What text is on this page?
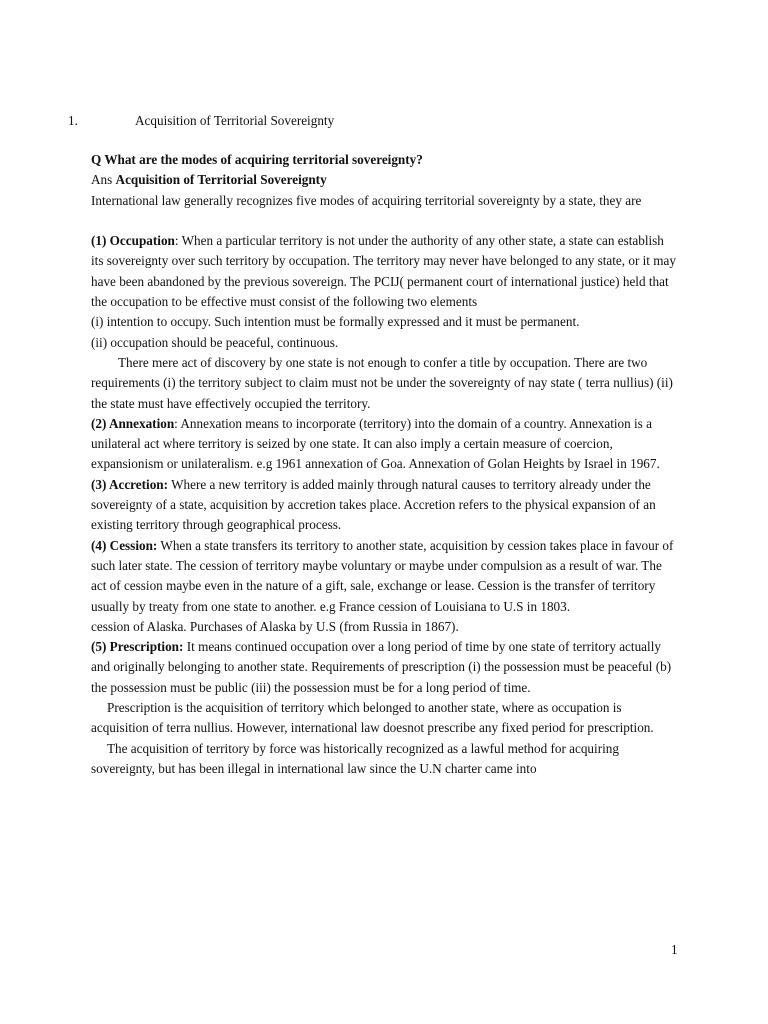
1.	Acquisition of Territorial Sovereignty

Q What are the modes of acquiring territorial sovereignty?

Ans Acquisition of Territorial Sovereignty

International law generally recognizes five modes of acquiring territorial sovereignty by a state, they are

(1) Occupation: When a particular territory is not under the authority of any other state, a state can establish its sovereignty over such territory by occupation. The territory may never have belonged to any state, or it may have been abandoned by the previous sovereign. The PCIJ( permanent court of international justice) held that the occupation to be effective must consist of the following two elements

(i) intention to occupy. Such intention must be formally expressed and it must be permanent.

(ii) occupation should be peaceful, continuous.

There mere act of discovery by one state is not enough to confer a title by occupation. There are two requirements (i) the territory subject to claim must not be under the sovereignty of nay state ( terra nullius) (ii) the state must have effectively occupied the territory.

(2) Annexation: Annexation means to incorporate (territory) into the domain of a country. Annexation is a unilateral act where territory is seized by one state. It can also imply a certain measure of coercion, expansionism or unilateralism. e.g 1961 annexation of Goa. Annexation of Golan Heights by Israel in 1967.

(3) Accretion: Where a new territory is added mainly through natural causes to territory already under the sovereignty of a state, acquisition by accretion takes place. Accretion refers to the physical expansion of an existing territory through geographical process.

(4) Cession: When a state transfers its territory to another state, acquisition by cession takes place in favour of such later state. The cession of territory maybe voluntary or maybe under compulsion as a result of war. The act of cession maybe even in the nature of a gift, sale, exchange or lease. Cession is the transfer of territory usually by treaty from one state to another. e.g France cession of Louisiana to U.S in 1803.

cession of Alaska. Purchases of Alaska by U.S (from Russia in 1867).

(5) Prescription: It means continued occupation over a long period of time by one state of territory actually and originally belonging to another state. Requirements of prescription (i) the possession must be peaceful (b) the possession must be public (iii) the possession must be for a long period of time.

Prescription is the acquisition of territory which belonged to another state, where as occupation is acquisition of terra nullius. However, international law doesnot prescribe any fixed period for prescription.

The acquisition of territory by force was historically recognized as a lawful method for acquiring sovereignty, but has been illegal in international law since the U.N charter came into

1
